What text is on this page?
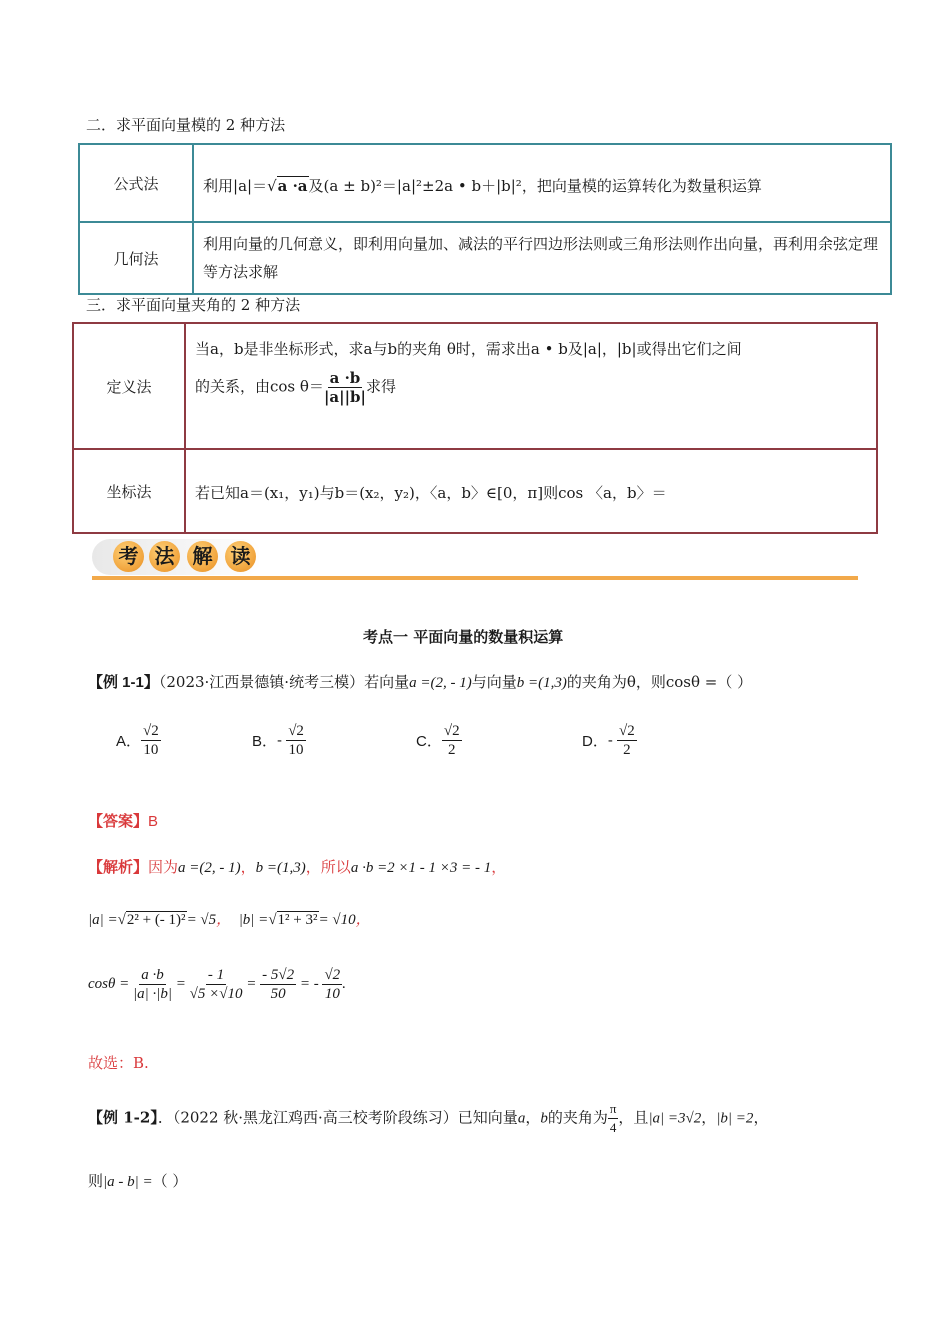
二．求平面向量模的 2 种方法
公式法	利用|a|＝√a ·a及(a ± b)²＝|a|²±2a • b＋|b|²，把向量模的运算转化为数量积运算

几何法	利用向量的几何意义，即利用向量加、减法的平行四边形法则或三角形法则作出向量，再利用余弦定理等方法求解
三．求平面向量夹角的 2 种方法
定义法	当a，b是非坐标形式，求a与b的夹角 θ时，需求出a • b及|a|，|b|或得出它们之间
的关系，由$\cos \theta= \frac{a \cdot b}{|a||b|}$ 求得

坐标法	若已知a＝(x₁，y₁)与b＝(x₂，y₂)，〈a，b〉∈[0，π]则cos 〈a，b〉＝
考 法 解 读
考点一 平面向量的数量积运算
【例 1-1】（2023·江西景德镇·统考三模）若向量a =(2, - 1)与向量b =(1,3)的夹角为θ，则cosθ =（ ）
A． $\frac{√2}{10}$	B．- $\frac{√2}{10}$	C． $\frac{√2}{2}$	D．- $\frac{√2}{2}$
【答案】B
【解析】因为a =(2, - 1)，b =(1,3)，所以a ·b =2 ×1 - 1 ×3 = - 1，
|a| =√2² + (- 1)²= √5， |b| =√1² + 3²= √10，
$\cos\theta = \frac{a \cdot b}{|a| \cdot|b|} = \frac{- 1}{√5 \times√10} = \frac{- 5√2}{50}$ = - $\frac{√2}{10}$ .
故选：B.
【例 1-2】．（2022 秋·黑龙江鸡西·高三校考阶段练习）已知向量a，b的夹角为 $\frac{\pi}{4}$ ，且|a| =3√2，|b| =2，
则|a - b| =（ ）
